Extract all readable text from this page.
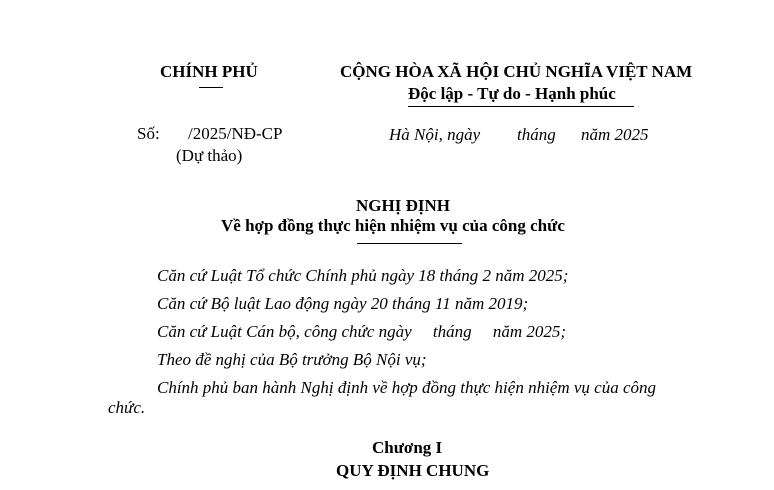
CHÍNH PHỦ	CỘNG HÒA XÃ HỘI CHỦ NGHĨA VIỆT NAM
Độc lập - Tự do - Hạnh phúc
Số: /2025/NĐ-CP
(Dự thảo)
Hà Nội, ngày tháng năm 2025
NGHỊ ĐỊNH
Về hợp đồng thực hiện nhiệm vụ của công chức
Căn cứ Luật Tổ chức Chính phủ ngày 18 tháng 2 năm 2025;
Căn cứ Bộ luật Lao động ngày 20 tháng 11 năm 2019;
Căn cứ Luật Cán bộ, công chức ngày     tháng     năm 2025;
Theo đề nghị của Bộ trưởng Bộ Nội vụ;
Chính phủ ban hành Nghị định về hợp đồng thực hiện nhiệm vụ của công
chức.
Chương I
QUY ĐỊNH CHUNG
